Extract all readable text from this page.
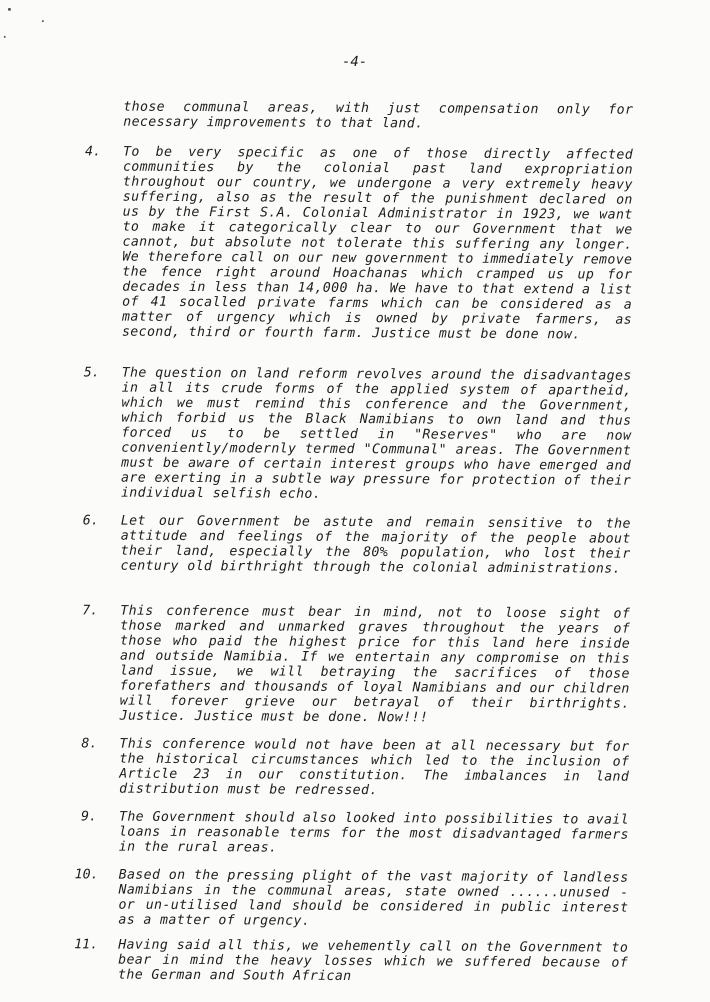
-4-
those communal areas, with just compensation only for necessary improvements to that land.
4. To be very specific as one of those directly affected communities by the colonial past land expropriation throughout our country, we undergone a very extremely heavy suffering, also as the result of the punishment declared on us by the First S.A. Colonial Administrator in 1923, we want to make it categorically clear to our Government that we cannot, but absolute not tolerate this suffering any longer. We therefore call on our new government to immediately remove the fence right around Hoachanas which cramped us up for decades in less than 14,000 ha. We have to that extend a list of 41 socalled private farms which can be considered as a matter of urgency which is owned by private farmers, as second, third or fourth farm. Justice must be done now.
5. The question on land reform revolves around the disadvantages in all its crude forms of the applied system of apartheid, which we must remind this conference and the Government, which forbid us the Black Namibians to own land and thus forced us to be settled in "Reserves" who are now conveniently/modernly termed "Communal" areas. The Government must be aware of certain interest groups who have emerged and are exerting in a subtle way pressure for protection of their individual selfish echo.
6. Let our Government be astute and remain sensitive to the attitude and feelings of the majority of the people about their land, especially the 80% population, who lost their century old birthright through the colonial administrations.
7. This conference must bear in mind, not to loose sight of those marked and unmarked graves throughout the years of those who paid the highest price for this land here inside and outside Namibia. If we entertain any compromise on this land issue, we will betraying the sacrifices of those forefathers and thousands of loyal Namibians and our children will forever grieve our betrayal of their birthrights. Justice. Justice must be done. Now!!!
8. This conference would not have been at all necessary but for the historical circumstances which led to the inclusion of Article 23 in our constitution. The imbalances in land distribution must be redressed.
9. The Government should also looked into possibilities to avail loans in reasonable terms for the most disadvantaged farmers in the rural areas.
10. Based on the pressing plight of the vast majority of landless Namibians in the communal areas, state owned ......unused - or un-utilised land should be considered in public interest as a matter of urgency.
11. Having said all this, we vehemently call on the Government to bear in mind the heavy losses which we suffered because of the German and South African
